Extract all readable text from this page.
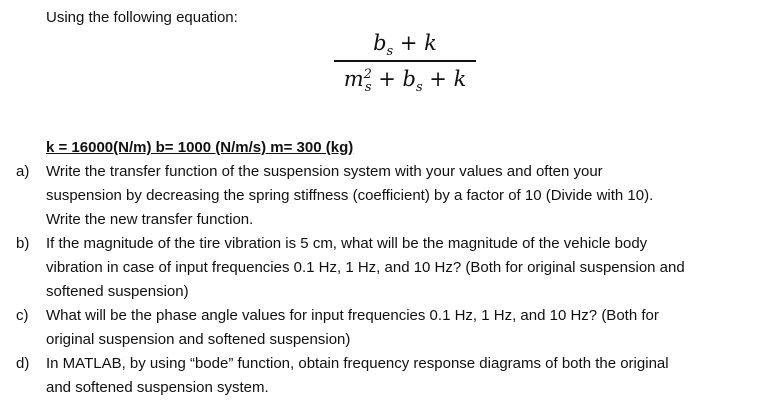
Using the following equation:
$b_s + k$
$m^2_s + b_s + k$
k = 16000(N/m) b= 1000 (N/m/s) m= 300 (kg)
a) Write the transfer function of the suspension system with your values and often your
suspension by decreasing the spring stiffness (coefficient) by a factor of 10 (Divide with 10).
Write the new transfer function.
b) If the magnitude of the tire vibration is 5 cm, what will be the magnitude of the vehicle body
vibration in case of input frequencies 0.1 Hz, 1 Hz, and 10 Hz? (Both for original suspension and
softened suspension)
c) What will be the phase angle values for input frequencies 0.1 Hz, 1 Hz, and 10 Hz? (Both for
original suspension and softened suspension)
d) In MATLAB, by using “bode” function, obtain frequency response diagrams of both the original
and softened suspension system.
